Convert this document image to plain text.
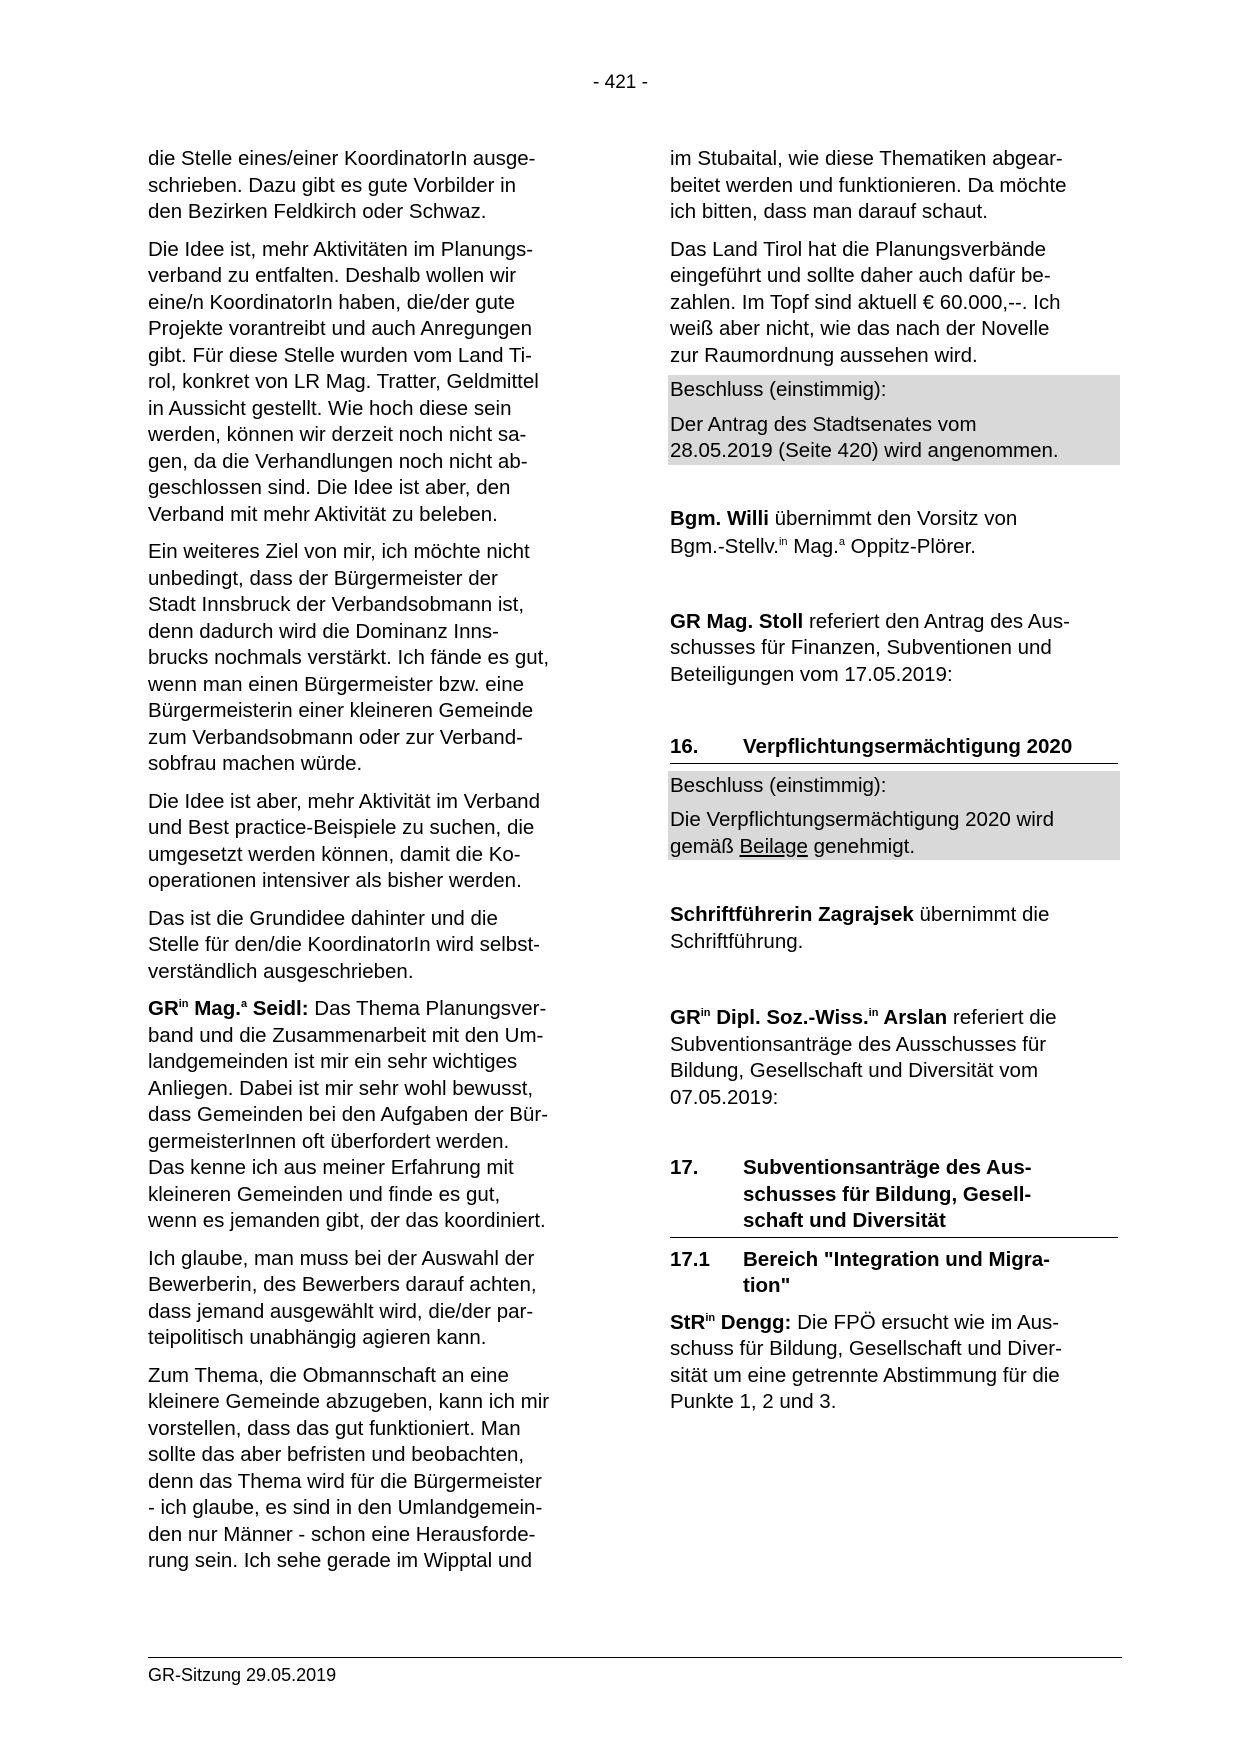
- 421 -

die Stelle eines/einer KoordinatorIn ausge-
schrieben. Dazu gibt es gute Vorbilder in
den Bezirken Feldkirch oder Schwaz.

Die Idee ist, mehr Aktivitäten im Planungs-
verband zu entfalten. Deshalb wollen wir
eine/n KoordinatorIn haben, die/der gute
Projekte vorantreibt und auch Anregungen
gibt. Für diese Stelle wurden vom Land Ti-
rol, konkret von LR Mag. Tratter, Geldmittel
in Aussicht gestellt. Wie hoch diese sein
werden, können wir derzeit noch nicht sa-
gen, da die Verhandlungen noch nicht ab-
geschlossen sind. Die Idee ist aber, den
Verband mit mehr Aktivität zu beleben.

Ein weiteres Ziel von mir, ich möchte nicht
unbedingt, dass der Bürgermeister der
Stadt Innsbruck der Verbandsobmann ist,
denn dadurch wird die Dominanz Inns-
brucks nochmals verstärkt. Ich fände es gut,
wenn man einen Bürgermeister bzw. eine
Bürgermeisterin einer kleineren Gemeinde
zum Verbandsobmann oder zur Verband-
sobfrau machen würde.

Die Idee ist aber, mehr Aktivität im Verband
und Best practice-Beispiele zu suchen, die
umgesetzt werden können, damit die Ko-
operationen intensiver als bisher werden.

Das ist die Grundidee dahinter und die
Stelle für den/die KoordinatorIn wird selbst-
verständlich ausgeschrieben.

$GR^{in}$ Mag.$^a$ Seidl: Das Thema Planungsver-
band und die Zusammenarbeit mit den Um-
landgemeinden ist mir ein sehr wichtiges
Anliegen. Dabei ist mir sehr wohl bewusst,
dass Gemeinden bei den Aufgaben der Bür-
germeisterInnen oft überfordert werden.
Das kenne ich aus meiner Erfahrung mit
kleineren Gemeinden und finde es gut,
wenn es jemanden gibt, der das koordiniert.

Ich glaube, man muss bei der Auswahl der
Bewerberin, des Bewerbers darauf achten,
dass jemand ausgewählt wird, die/der par-
teipolitisch unabhängig agieren kann.

Zum Thema, die Obmannschaft an eine
kleinere Gemeinde abzugeben, kann ich mir
vorstellen, dass das gut funktioniert. Man
sollte das aber befristen und beobachten,
denn das Thema wird für die Bürgermeister
- ich glaube, es sind in den Umlandgemein-
den nur Männer - schon eine Herausforde-
rung sein. Ich sehe gerade im Wipptal und

im Stubaital, wie diese Thematiken abgear-
beitet werden und funktionieren. Da möchte
ich bitten, dass man darauf schaut.

Das Land Tirol hat die Planungsverbände
eingeführt und sollte daher auch dafür be-
zahlen. Im Topf sind aktuell € 60.000,--. Ich
weiß aber nicht, wie das nach der Novelle
zur Raumordnung aussehen wird.

Beschluss (einstimmig):

Der Antrag des Stadtsenates vom
28.05.2019 (Seite 420) wird angenommen.

Bgm. Willi übernimmt den Vorsitz von
Bgm.-Stellv.$^{in}$ Mag.$^a$ Oppitz-Plörer.

GR Mag. Stoll referiert den Antrag des Aus-
schusses für Finanzen, Subventionen und
Beteiligungen vom 17.05.2019:

16.	Verpflichtungsermächtigung 2020

Beschluss (einstimmig):

Die Verpflichtungsermächtigung 2020 wird
gemäß Beilage genehmigt.

Schriftführerin Zagrajsek übernimmt die
Schriftführung.

$GR^{in}$ Dipl. Soz.-Wiss.$^{in}$ Arslan referiert die
Subventionsanträge des Ausschusses für
Bildung, Gesellschaft und Diversität vom
07.05.2019:

17.	Subventionsanträge des Aus-
schusses für Bildung, Gesell-
schaft und Diversität
17.1	Bereich "Integration und Migra-
tion"

StR$^{in}$ Dengg: Die FPÖ ersucht wie im Aus-
schuss für Bildung, Gesellschaft und Diver-
sität um eine getrennte Abstimmung für die
Punkte 1, 2 und 3.

GR-Sitzung 29.05.2019
